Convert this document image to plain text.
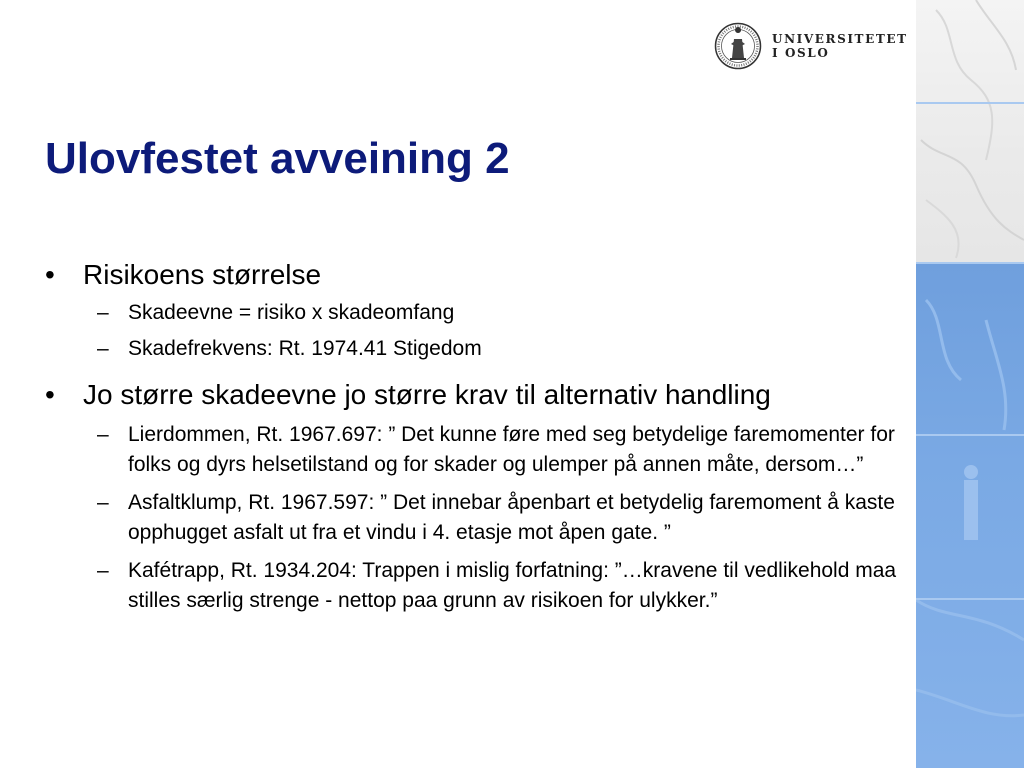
UNIVERSITETET
I OSLO
Ulovfestet avveining 2
• Risikoens størrelse
– Skadeevne = risiko x skadeomfang
– Skadefrekvens: Rt. 1974.41 Stigedom
• Jo større skadeevne jo større krav til alternativ handling
– Lierdommen, Rt. 1967.697: ” Det kunne føre med seg betydelige faremomenter for folks og dyrs helsetilstand og for skader og ulemper på annen måte, dersom…”
– Asfaltklump, Rt. 1967.597: ” Det innebar åpenbart et betydelig faremoment å kaste opphugget asfalt ut fra et vindu i 4. etasje mot åpen gate. ”
– Kafétrapp, Rt. 1934.204: Trappen i mislig forfatning: ”…kravene til vedlikehold maa stilles særlig strenge - nettop paa grunn av risikoen for ulykker.”
